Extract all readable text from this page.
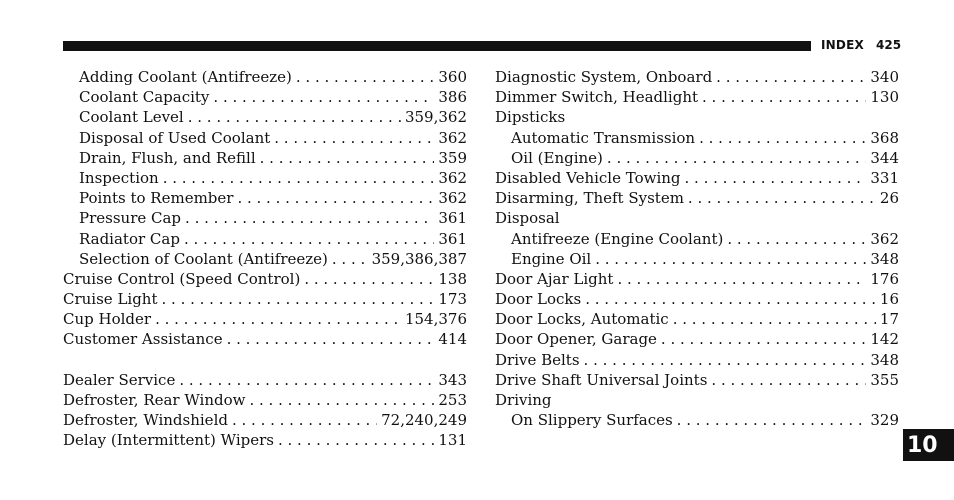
INDEX 425
Adding Coolant (Antifreeze) . . .	360
Coolant Capacity . . .	386
Coolant Level . . .	359,362
Disposal of Used Coolant . . .	362
Drain, Flush, and Refill . . .	359
Inspection . . .	362
Points to Remember . . .	362
Pressure Cap . . .	361
Radiator Cap . . .	361
Selection of Coolant (Antifreeze) . . .	359,386,387
Cruise Control (Speed Control) . . .	138
Cruise Light . . .	173
Cup Holder . . .	154,376
Customer Assistance . . .	414
Dealer Service . . .	343
Defroster, Rear Window . . .	253
Defroster, Windshield . . .	72,240,249
Delay (Intermittent) Wipers . . .	131
Diagnostic System, Onboard . . .	340
Dimmer Switch, Headlight . . .	130
Dipsticks
Automatic Transmission . . .	368
Oil (Engine) . . .	344
Disabled Vehicle Towing . . .	331
Disarming, Theft System . . .	26
Disposal
Antifreeze (Engine Coolant) . . .	362
Engine Oil . . .	348
Door Ajar Light . . .	176
Door Locks . . .	16
Door Locks, Automatic . . .	17
Door Opener, Garage . . .	142
Drive Belts . . .	348
Drive Shaft Universal Joints . . .	355
Driving
On Slippery Surfaces . . .	329
10
